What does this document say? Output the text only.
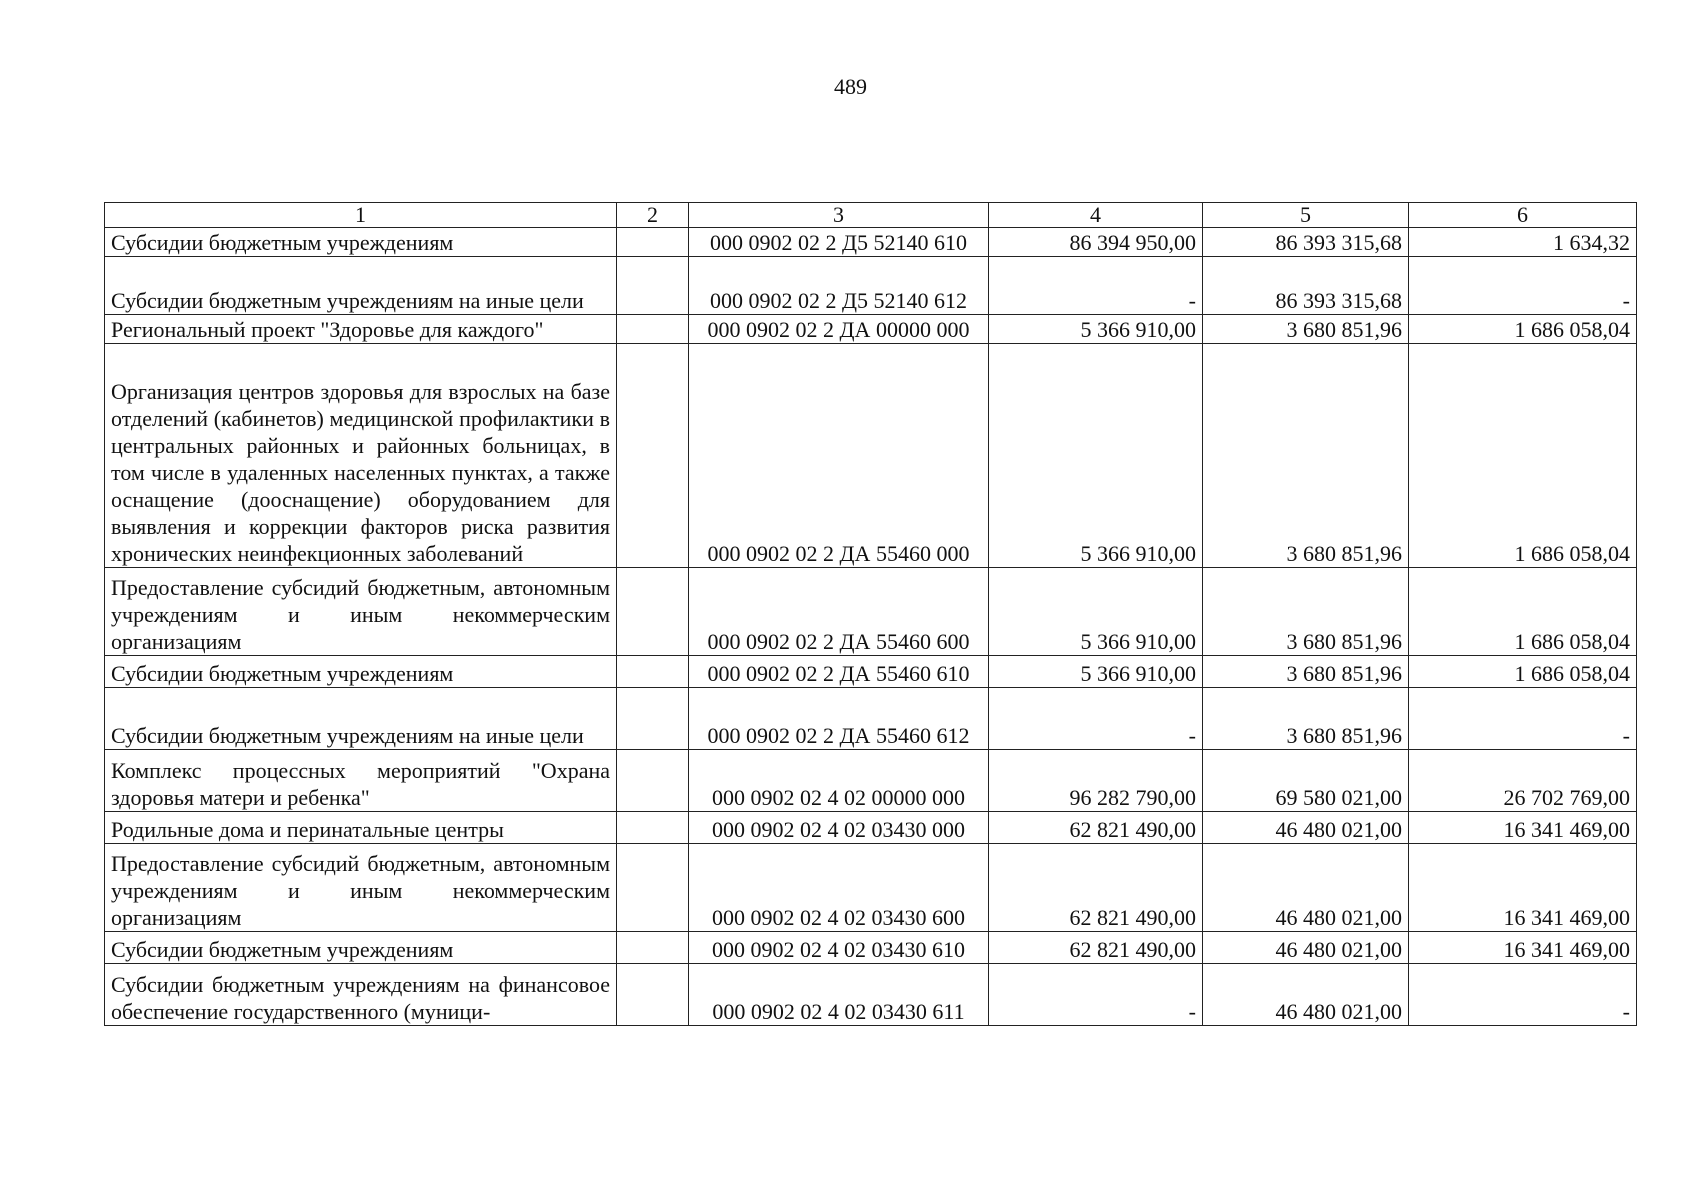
489
1	2	3	4	5	6
Субсидии бюджетным учреждениям		000 0902 02 2 Д5 52140 610	86 394 950,00	86 393 315,68	1 634,32
Субсидии бюджетным учреждениям на иные цели		000 0902 02 2 Д5 52140 612	-	86 393 315,68	-
Региональный проект "Здоровье для каждого"		000 0902 02 2 ДА 00000 000	5 366 910,00	3 680 851,96	1 686 058,04
Организация центров здоровья для взрослых на базе отделений (кабинетов) медицинской профилактики в центральных районных и районных больницах, в том числе в удаленных населенных пунктах, а также оснащение (дооснащение) оборудованием для выявления и коррекции факторов риска развития хронических неинфекционных заболеваний		000 0902 02 2 ДА 55460 000	5 366 910,00	3 680 851,96	1 686 058,04
Предоставление субсидий бюджетным, автономным учреждениям и иным некоммерческим организациям		000 0902 02 2 ДА 55460 600	5 366 910,00	3 680 851,96	1 686 058,04
Субсидии бюджетным учреждениям		000 0902 02 2 ДА 55460 610	5 366 910,00	3 680 851,96	1 686 058,04
Субсидии бюджетным учреждениям на иные цели		000 0902 02 2 ДА 55460 612	-	3 680 851,96	-
Комплекс процессных мероприятий "Охрана здоровья матери и ребенка"		000 0902 02 4 02 00000 000	96 282 790,00	69 580 021,00	26 702 769,00
Родильные дома и перинатальные центры		000 0902 02 4 02 03430 000	62 821 490,00	46 480 021,00	16 341 469,00
Предоставление субсидий бюджетным, автономным учреждениям и иным некоммерческим организациям		000 0902 02 4 02 03430 600	62 821 490,00	46 480 021,00	16 341 469,00
Субсидии бюджетным учреждениям		000 0902 02 4 02 03430 610	62 821 490,00	46 480 021,00	16 341 469,00
Субсидии бюджетным учреждениям на финансовое обеспечение государственного (муници-		000 0902 02 4 02 03430 611	-	46 480 021,00	-
